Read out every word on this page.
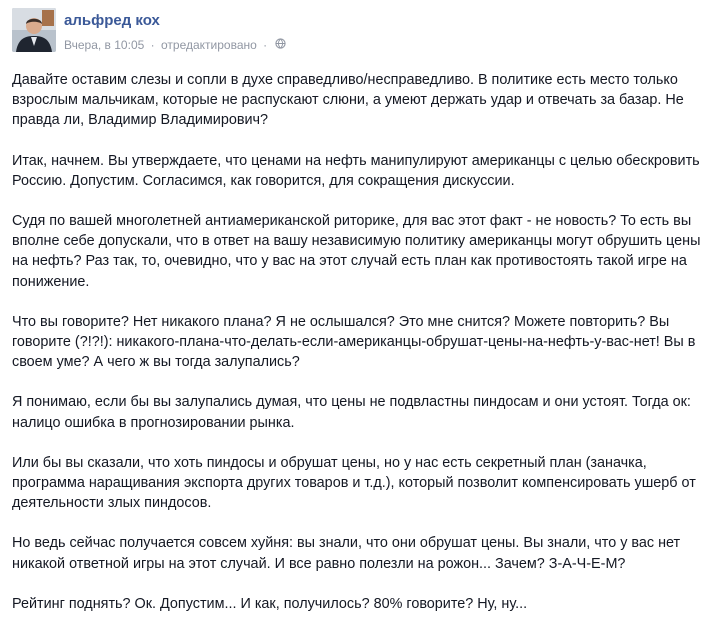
альфред кох
Вчера, в 10:05 · отредактировано ·

Давайте оставим слезы и сопли в духе справедливо/несправедливо. В политике есть место только взрослым мальчикам, которые не распускают слюни, а умеют держать удар и отвечать за базар. Не правда ли, Владимир Владимирович?

Итак, начнем. Вы утверждаете, что ценами на нефть манипулируют американцы с целью обескровить Россию. Допустим. Согласимся, как говорится, для сокращения дискуссии.

Судя по вашей многолетней антиамериканской риторике, для вас этот факт - не новость? То есть вы вполне себе допускали, что в ответ на вашу независимую политику американцы могут обрушить цены на нефть? Раз так, то, очевидно, что у вас на этот случай есть план как противостоять такой игре на понижение.

Что вы говорите? Нет никакого плана? Я не ослышался? Это мне снится? Можете повторить? Вы говорите (?!?!): никакого-плана-что-делать-если-американцы-обрушат-цены-на-нефть-у-вас-нет! Вы в своем уме? А чего ж вы тогда залупались?

Я понимаю, если бы вы залупались думая, что цены не подвластны пиндосам и они устоят. Тогда ок: налицо ошибка в прогнозировании рынка.

Или бы вы сказали, что хоть пиндосы и обрушат цены, но у нас есть секретный план (заначка, программа наращивания экспорта других товаров и т.д.), который позволит компенсировать ушерб от деятельности злых пиндосов.

Но ведь сейчас получается совсем хуйня: вы знали, что они обрушат цены. Вы знали, что у вас нет никакой ответной игры на этот случай. И все равно полезли на рожон... Зачем? З-А-Ч-Е-М?

Рейтинг поднять? Ок. Допустим... И как, получилось? 80% говорите? Ну, ну...
